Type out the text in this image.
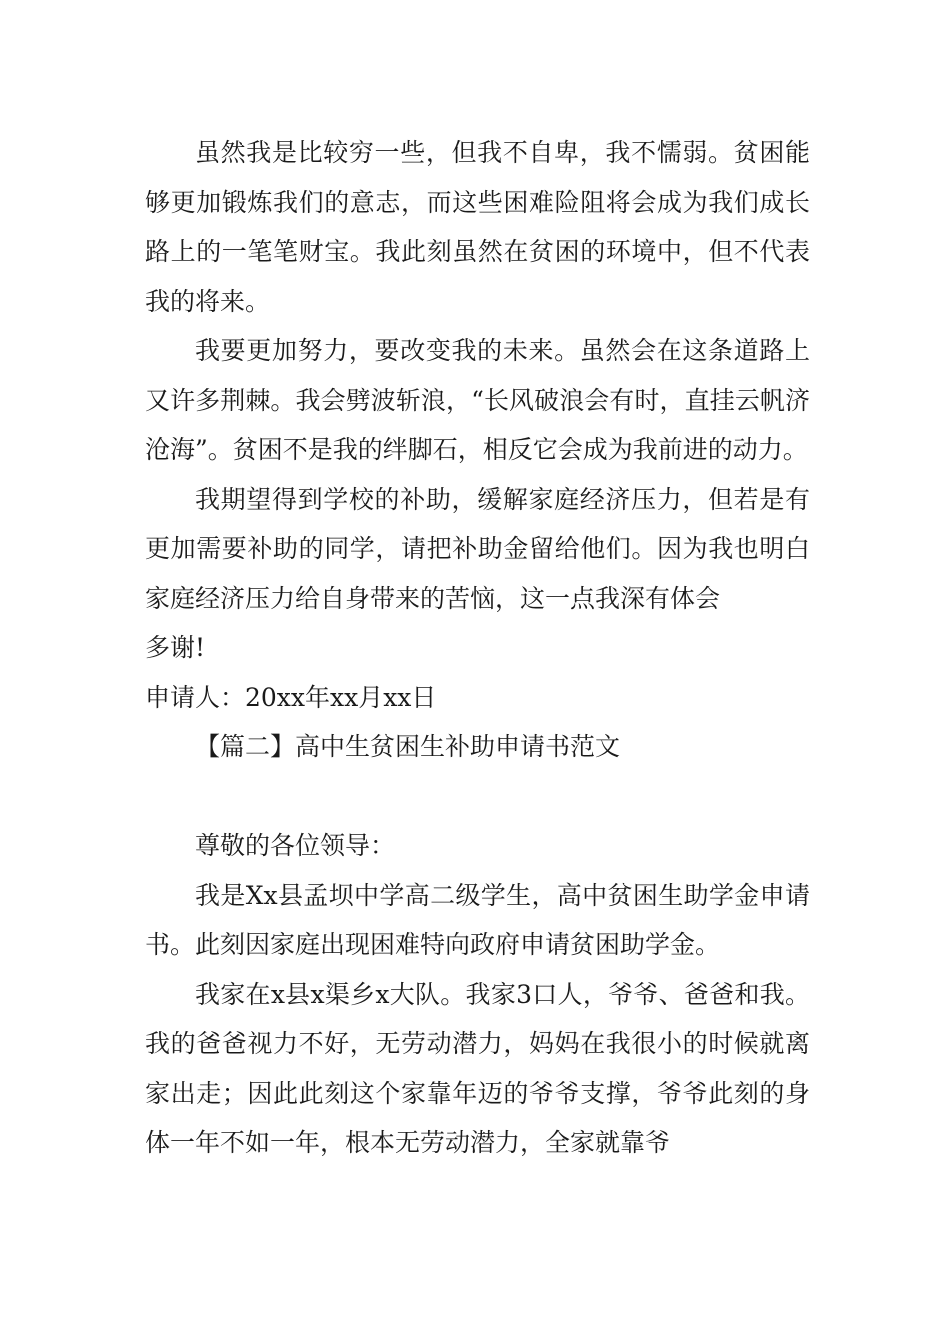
虽然我是比较穷一些，但我不自卑，我不懦弱。贫困能够更加锻炼我们的意志，而这些困难险阻将会成为我们成长路上的一笔笔财宝。我此刻虽然在贫困的环境中，但不代表我的将来。

我要更加努力，要改变我的未来。虽然会在这条道路上又许多荆棘。我会劈波斩浪，“长风破浪会有时，直挂云帆济沧海”。贫困不是我的绊脚石，相反它会成为我前进的动力。

我期望得到学校的补助，缓解家庭经济压力，但若是有更加需要补助的同学，请把补助金留给他们。因为我也明白家庭经济压力给自身带来的苦恼，这一点我深有体会

多谢!

申请人：20xx年xx月xx日

【篇二】高中生贫困生补助申请书范文

尊敬的各位领导：

我是Xx县孟坝中学高二级学生，高中贫困生助学金申请书。此刻因家庭出现困难特向政府申请贫困助学金。

我家在x县x渠乡x大队。我家3口人，爷爷、爸爸和我。我的爸爸视力不好，无劳动潜力，妈妈在我很小的时候就离家出走；因此此刻这个家靠年迈的爷爷支撑，爷爷此刻的身体一年不如一年，根本无劳动潜力，全家就靠爷
